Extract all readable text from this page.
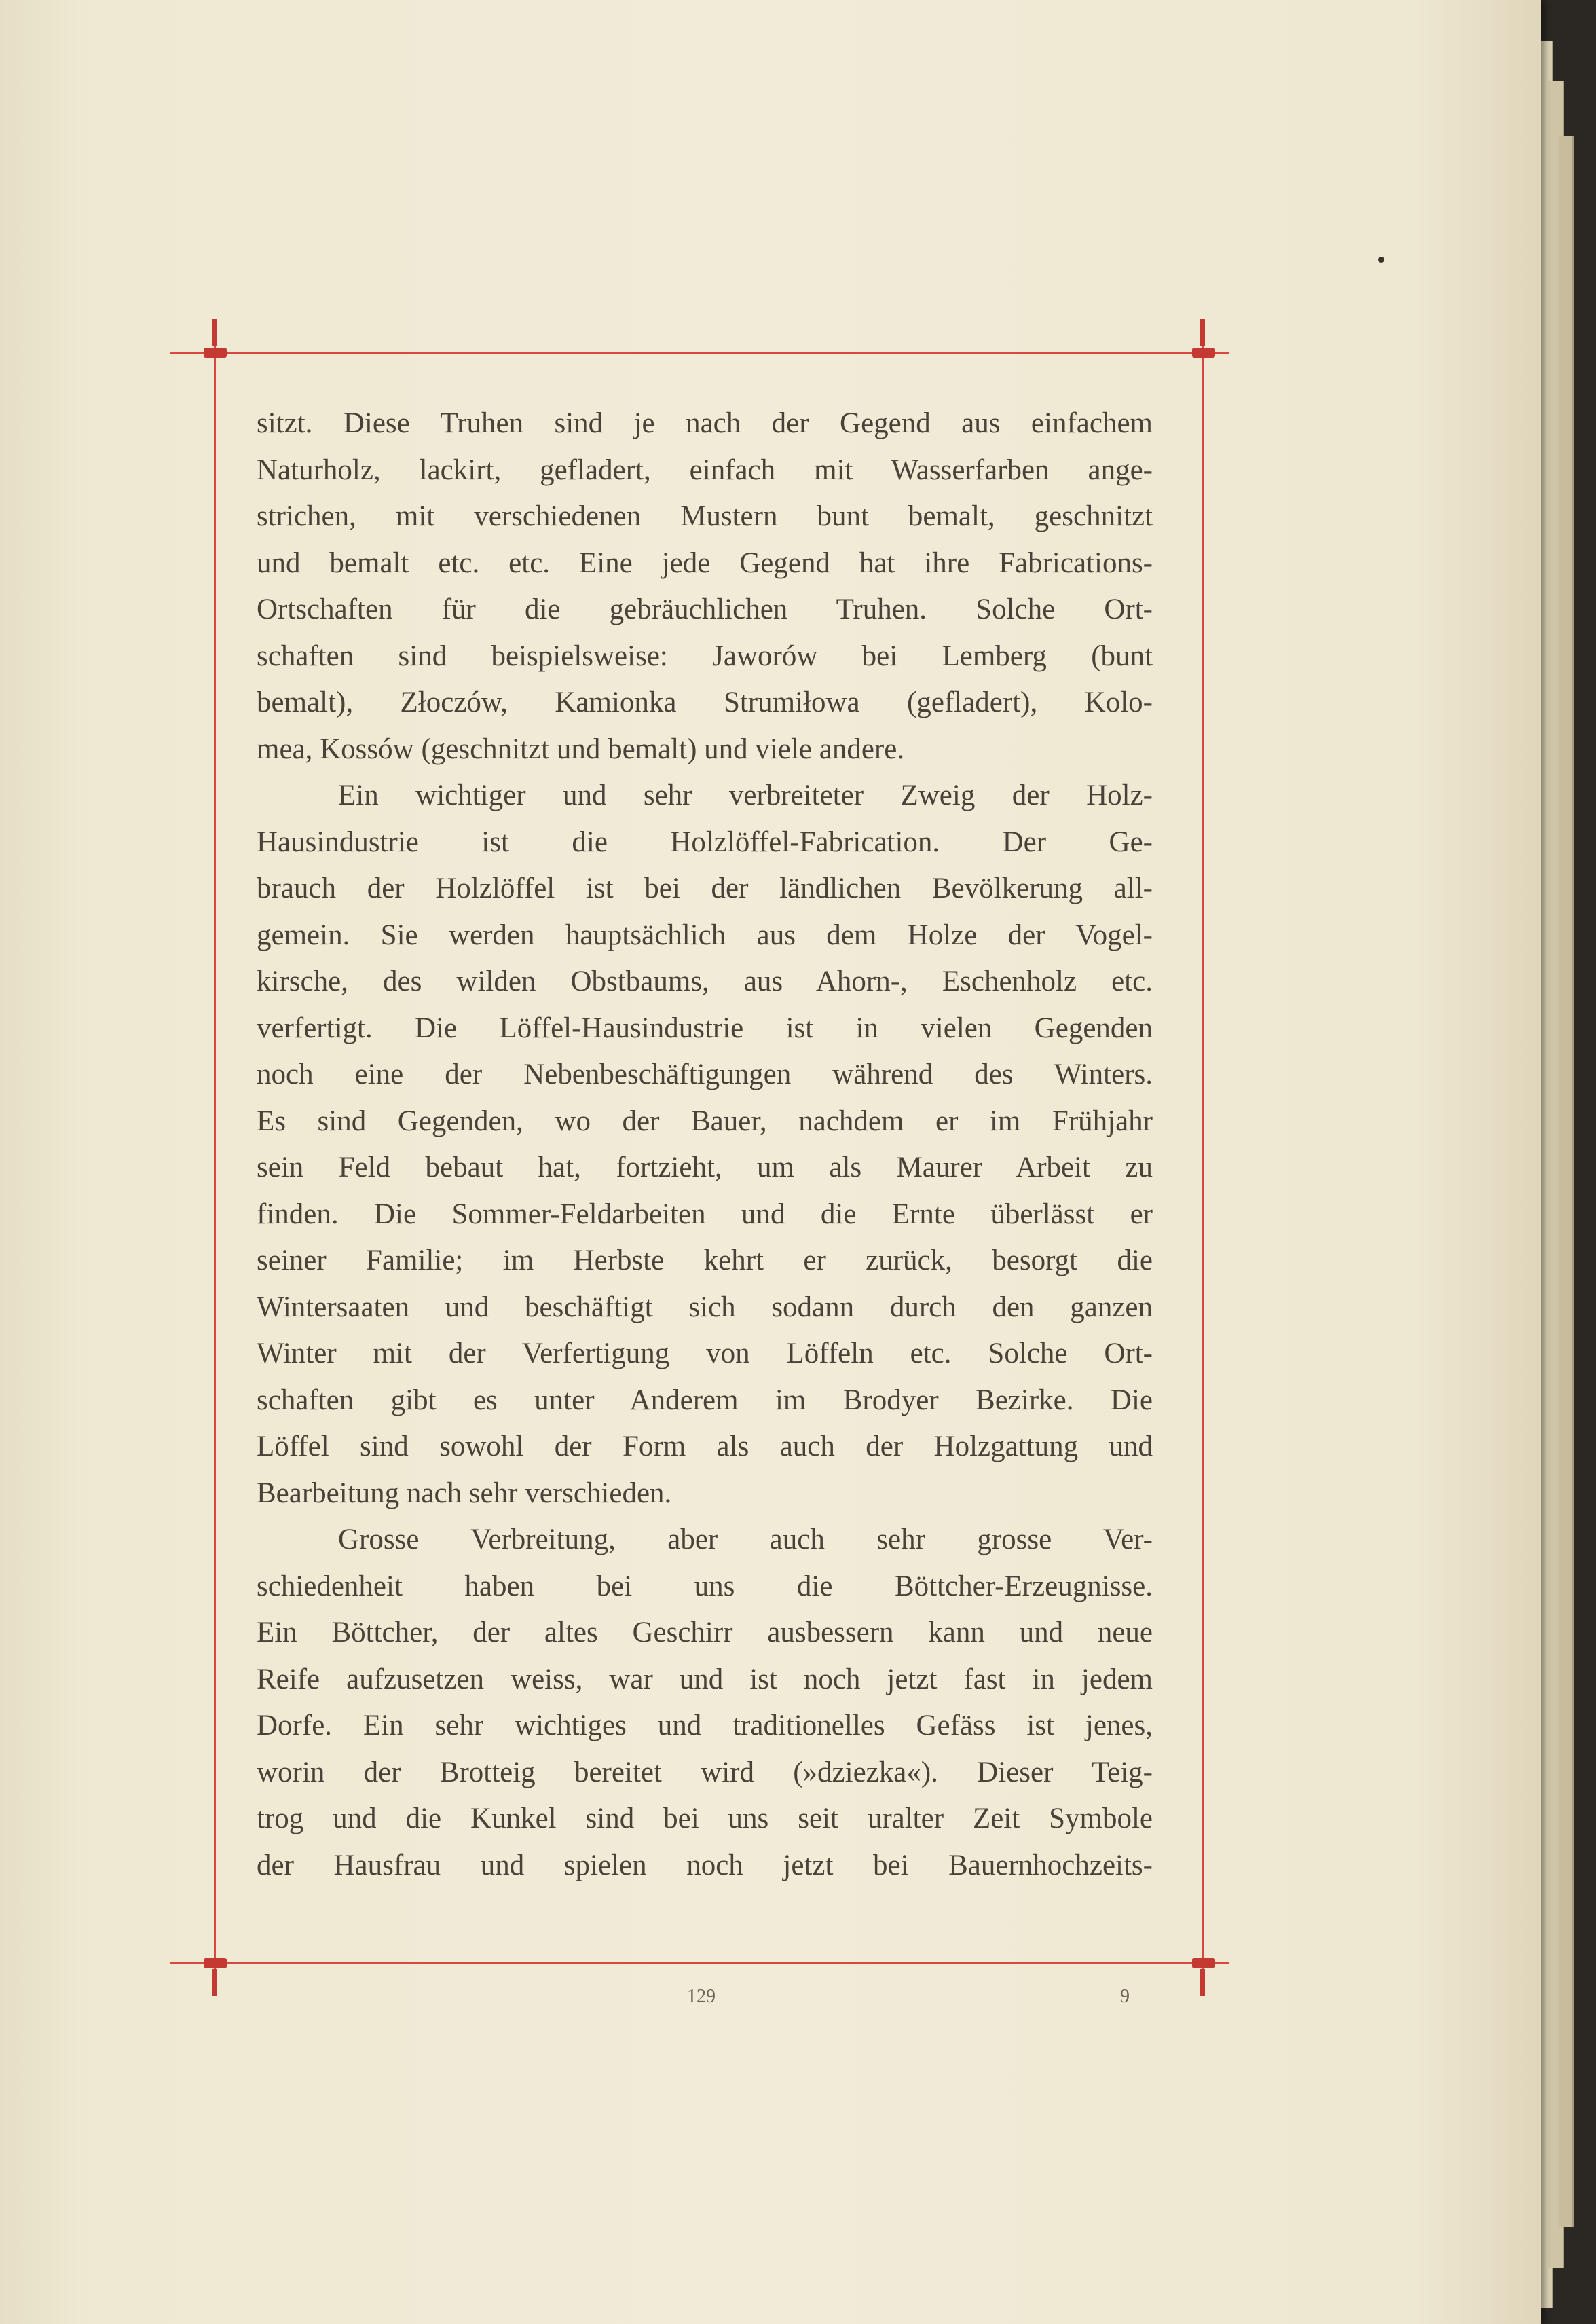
sitzt. Diese Truhen sind je nach der Gegend aus einfachem
Naturholz, lackirt, gefladert, einfach mit Wasserfarben ange-
strichen, mit verschiedenen Mustern bunt bemalt, geschnitzt
und bemalt etc. etc. Eine jede Gegend hat ihre Fabrications-
Ortschaften für die gebräuchlichen Truhen. Solche Ort-
schaften sind beispielsweise: Jaworów bei Lemberg (bunt
bemalt), Złoczów, Kamionka Strumiłowa (gefladert), Kolo-
mea, Kossów (geschnitzt und bemalt) und viele andere.
Ein wichtiger und sehr verbreiteter Zweig der Holz-
Hausindustrie ist die Holzlöffel-Fabrication. Der Ge-
brauch der Holzlöffel ist bei der ländlichen Bevölkerung all-
gemein. Sie werden hauptsächlich aus dem Holze der Vogel-
kirsche, des wilden Obstbaums, aus Ahorn-, Eschenholz etc.
verfertigt. Die Löffel-Hausindustrie ist in vielen Gegenden
noch eine der Nebenbeschäftigungen während des Winters.
Es sind Gegenden, wo der Bauer, nachdem er im Frühjahr
sein Feld bebaut hat, fortzieht, um als Maurer Arbeit zu
finden. Die Sommer-Feldarbeiten und die Ernte überlässt er
seiner Familie; im Herbste kehrt er zurück, besorgt die
Wintersaaten und beschäftigt sich sodann durch den ganzen
Winter mit der Verfertigung von Löffeln etc. Solche Ort-
schaften gibt es unter Anderem im Brodyer Bezirke. Die
Löffel sind sowohl der Form als auch der Holzgattung und
Bearbeitung nach sehr verschieden.
Grosse Verbreitung, aber auch sehr grosse Ver-
schiedenheit haben bei uns die Böttcher-Erzeugnisse.
Ein Böttcher, der altes Geschirr ausbessern kann und neue
Reife aufzusetzen weiss, war und ist noch jetzt fast in jedem
Dorfe. Ein sehr wichtiges und traditionelles Gefäss ist jenes,
worin der Brotteig bereitet wird (»dziezka«). Dieser Teig-
trog und die Kunkel sind bei uns seit uralter Zeit Symbole
der Hausfrau und spielen noch jetzt bei Bauernhochzeits-
129	9
